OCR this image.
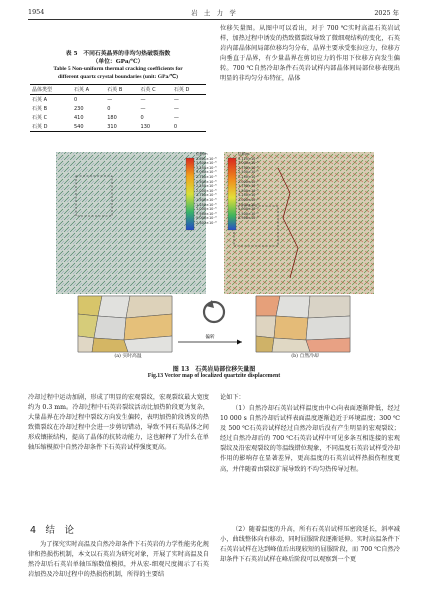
1954	岩　土　力　学	2025 年
表 5　不同石英晶界的非均匀热破裂指数
（单位：GPa/℃）
Table 5 Non-uniform thermal cracking coefficients for
different quartz crystal boundaries (unit: GPa/℃)
晶体类型	石英 A	石英 B	石英 C	石英 D
石英 A	0	—	—	—
石英 B	230	0	—	—
石英 C	410	180	0	—
石英 D	540	310	130	0
位移矢量图。从图中可以看出，对于 700 ℃实时高温石英岩试样，加热过程中诱发的热致微裂纹导致了微细观结构的变化，石英岩内部晶体间局部位移均匀分布，晶界主要承受张拉应力，位移方向垂直于晶界，有少量晶界在剪切应力的作用下位移方向发生偏转。700 ℃自然冷却条件石英岩试样内部晶体间局部位移表现出明显的非均匀分布特征，晶体
偏转
位移/m
3.691×10⁻⁵
3.500×10⁻⁵
3.250×10⁻⁵
3.000×10⁻⁵
2.750×10⁻⁵
2.500×10⁻⁵
2.250×10⁻⁵
2.000×10⁻⁵
1.750×10⁻⁵
1.500×10⁻⁵
1.250×10⁻⁵
1.000×10⁻⁵
7.500×10⁻⁶
5.000×10⁻⁶
2.503×10⁻⁶
位移/m
3.125×10⁻⁵
3.000×10⁻⁵
2.750×10⁻⁵
2.500×10⁻⁵
2.250×10⁻⁵
2.000×10⁻⁵
1.750×10⁻⁵
1.500×10⁻⁵
1.250×10⁻⁵
1.000×10⁻⁵
7.500×10⁻⁶
5.000×10⁻⁶
2.500×10⁻⁶
8.958×10⁻⁸
(a) 实时高温	(b) 自然冷却
图 13　石英岩局部位移矢量图
Fig.13 Vector map of localized quartzite displacement
冷却过程中运动加剧，形成了明显的宏观裂纹，宏观裂纹最大宽度约为 0.3 mm。冷却过程中石英岩裂纹活动比加热阶段更为复杂，大量晶界在冷却过程中裂纹方向发生偏转，表明加热阶段诱发的热致微裂纹在冷却过程中会进一步剪切错动，导致不同石英晶体之间形成镶嵌结构，提高了晶体的抗转动能力，这也解释了为什么在单轴压缩模拟中自然冷却条件下石英岩试样强度更高。
4　结　论
为了探究实时高温及自然冷却条件下石英岩的力学性能劣化规律和热损伤机制，本文以石英岩为研究对象，开展了实时高温及自然冷却后石英岩单轴压缩数值模拟，并从宏-细观尺度揭示了石英岩加热及冷却过程中的热损伤机制，所得的主要结
论如下：
（1）自然冷却石英岩试样温度由中心向表面逐渐降低，经过 10 000 s 自然冷却后试样表面温度逐渐趋近于环境温度；300 ℃及 500 ℃石英岩试样经过自然冷却后没有产生明显的宏观裂纹；经过自然冷却后的 700 ℃石英岩试样中可见多条互相连接的宏观裂纹及沿宏观裂纹的等温线错位现象，不同温度石英岩试样受冷却作用的影响存在显著差异，更高温度的石英岩试样热损伤程度更高，并伴随着由裂纹扩展导致的不均匀热传导过程。
（2）随着温度的升高，所有石英岩试样压密段延长，斜率减小，曲线整体向右移动，同时屈服阶段逐渐延伸。实时高温条件下石英岩试样在达到峰值后出现较短的屈服阶段，而 700 ℃自然冷却条件下石英岩试样在峰后阶段可以观察到一个更
